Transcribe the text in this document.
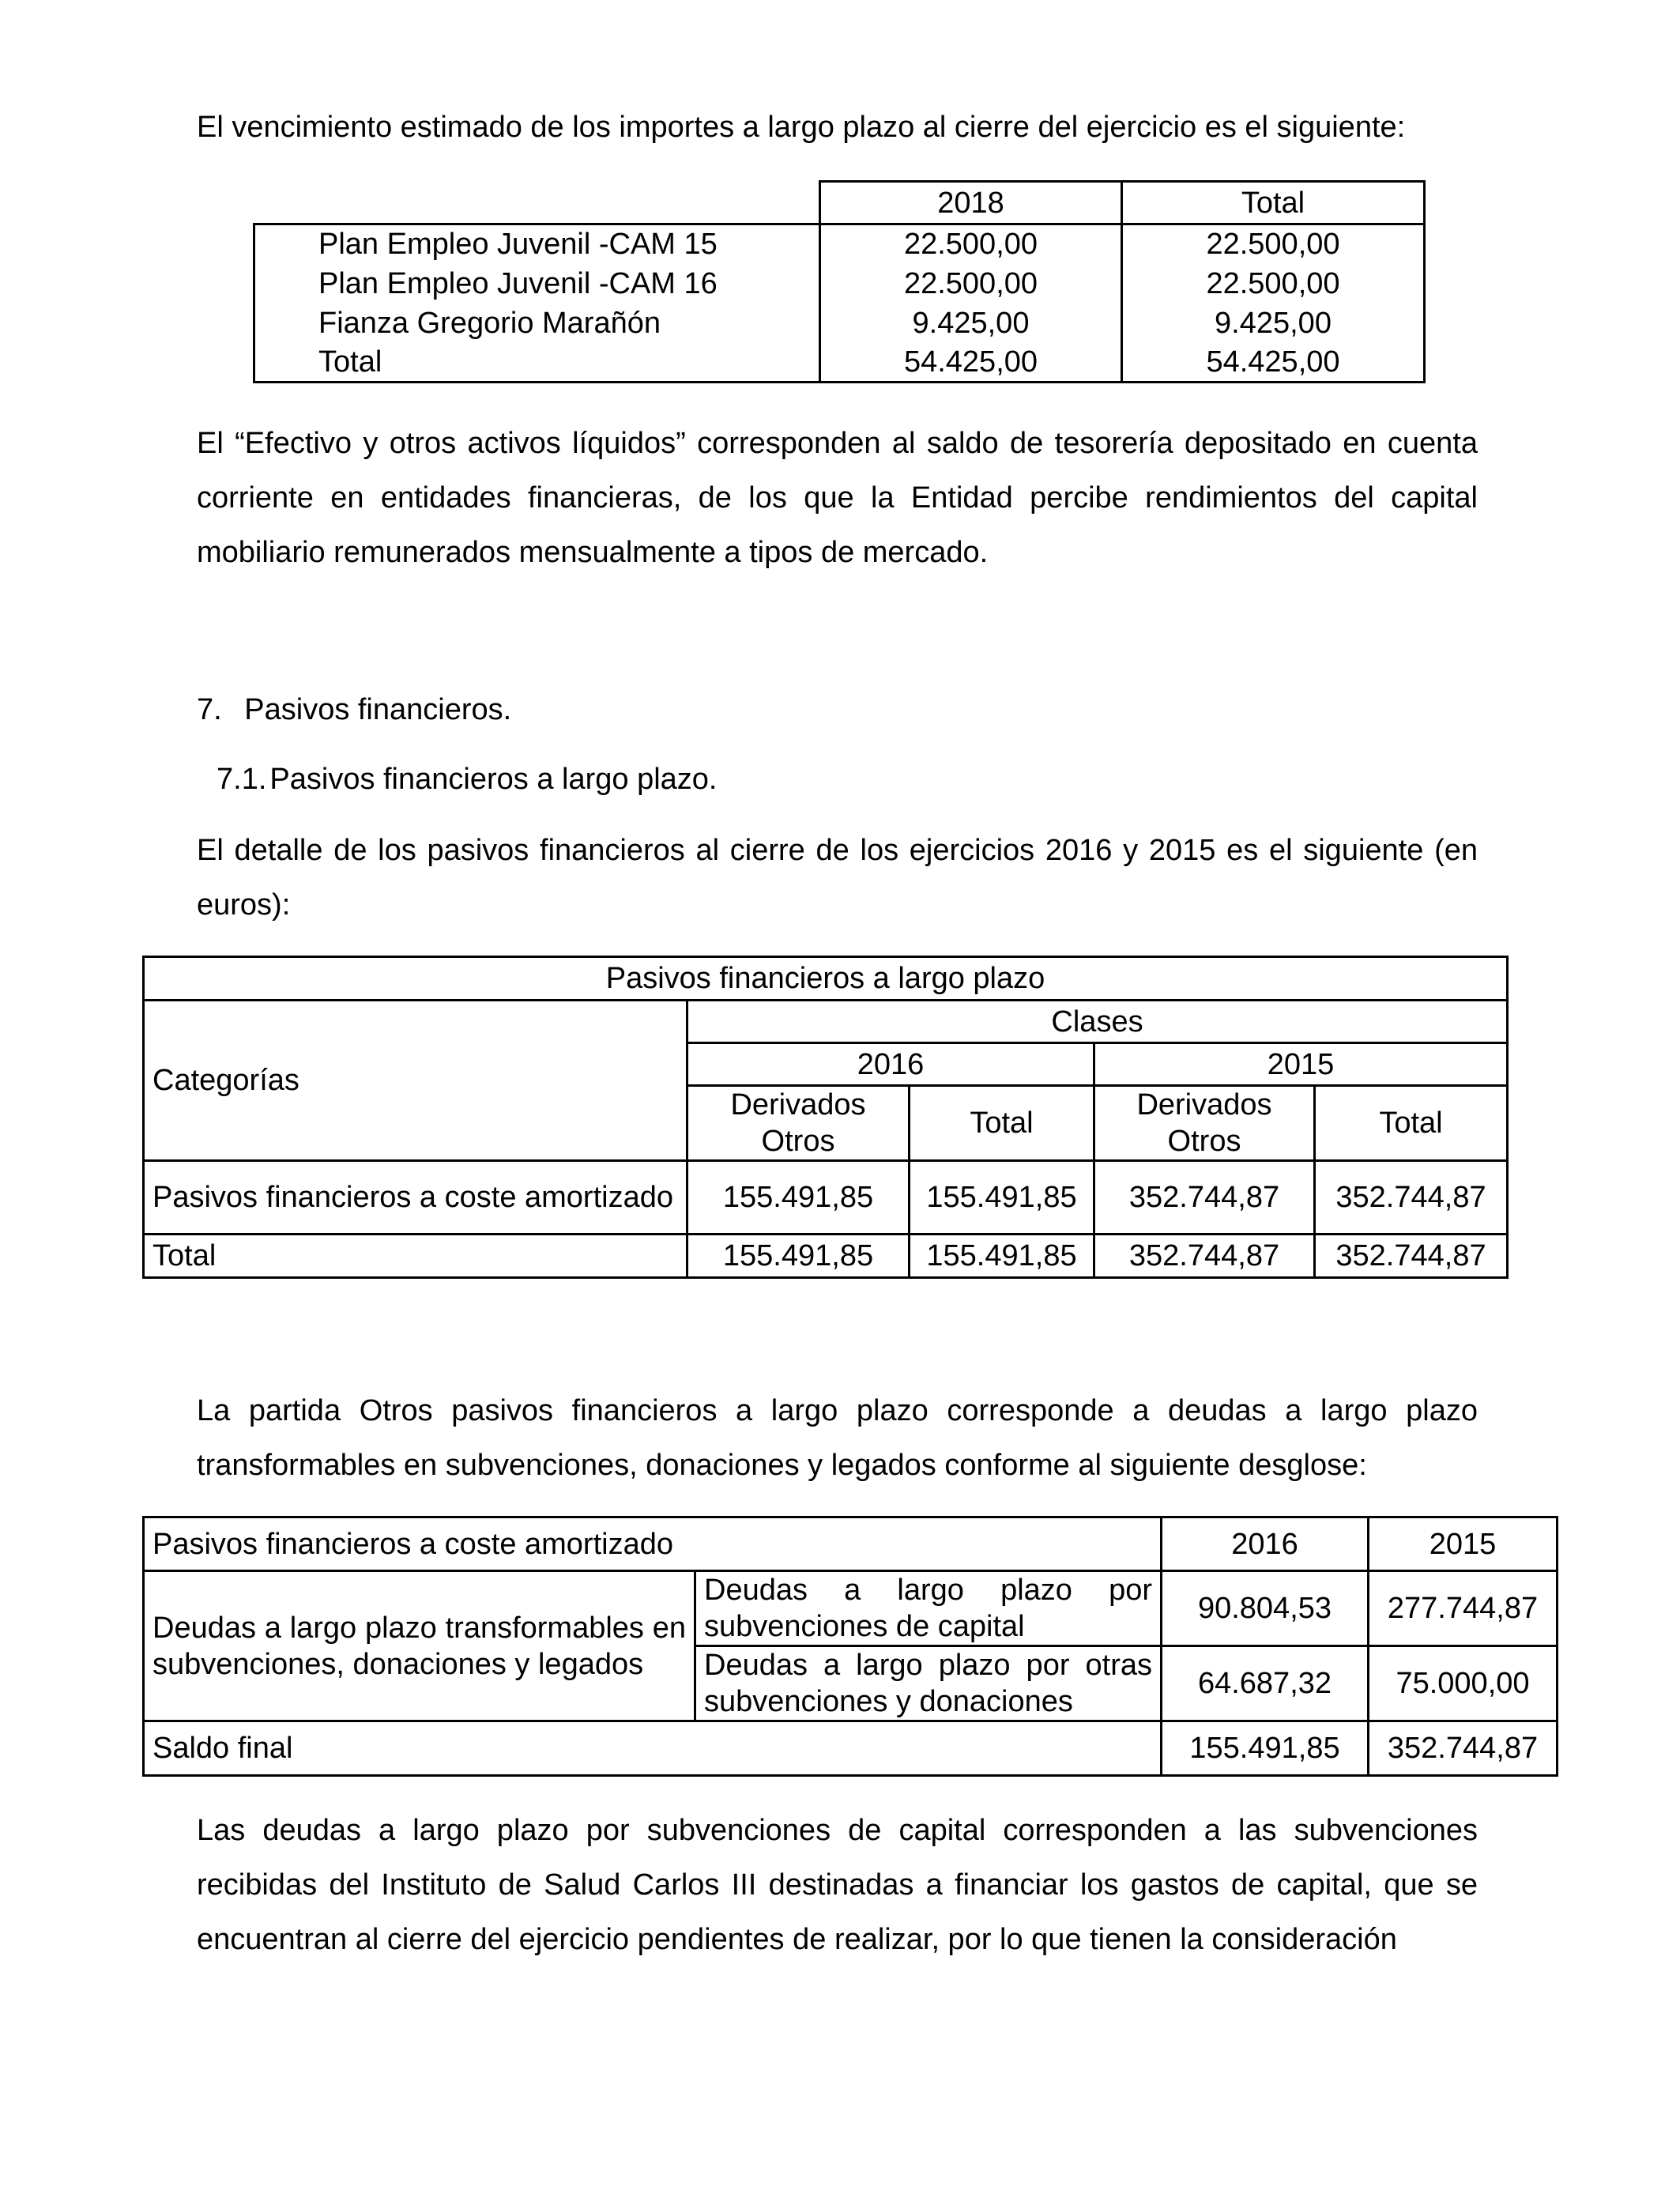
El vencimiento estimado de los importes a largo plazo al cierre del ejercicio es el siguiente:
	2018	Total
Plan Empleo Juvenil -CAM 15	22.500,00	22.500,00
Plan Empleo Juvenil -CAM 16	22.500,00	22.500,00
Fianza Gregorio Marañón	9.425,00	9.425,00
Total	54.425,00	54.425,00
El “Efectivo y otros activos líquidos” corresponden al saldo de tesorería depositado en cuenta corriente en entidades financieras, de los que la Entidad percibe rendimientos del capital mobiliario remunerados mensualmente a tipos de mercado.
7. Pasivos financieros.
7.1. Pasivos financieros a largo plazo.
El detalle de los pasivos financieros al cierre de los ejercicios 2016 y 2015 es el siguiente (en euros):
Pasivos financieros a largo plazo				
Categorías	Clases			
	2016		2015	
	Derivados Otros	Total	Derivados Otros	Total
Pasivos financieros a coste amortizado	155.491,85	155.491,85	352.744,87	352.744,87
Total	155.491,85	155.491,85	352.744,87	352.744,87
La partida Otros pasivos financieros a largo plazo corresponde a deudas a largo plazo transformables en subvenciones, donaciones y legados conforme al siguiente desglose:
Pasivos financieros a coste amortizado		2016	2015
Deudas a largo plazo transformables en subvenciones, donaciones y legados	Deudas a largo plazo por subvenciones de capital	90.804,53	277.744,87
	Deudas a largo plazo por otras subvenciones y donaciones	64.687,32	75.000,00
Saldo final		155.491,85	352.744,87
Las deudas a largo plazo por subvenciones de capital corresponden a las subvenciones recibidas del Instituto de Salud Carlos III destinadas a financiar los gastos de capital, que se encuentran al cierre del ejercicio pendientes de realizar, por lo que tienen la consideración
